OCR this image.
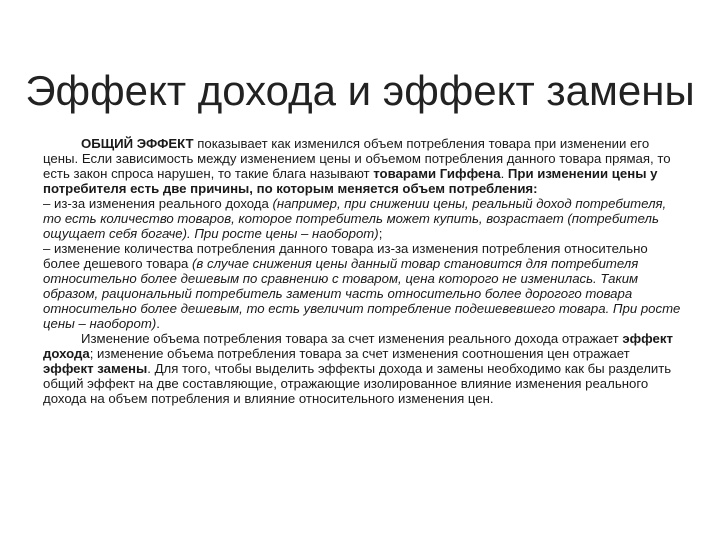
Эффект дохода и эффект замены

ОБЩИЙ ЭФФЕКТ показывает как изменился объем потребления товара при изменении его цены. Если зависимость между изменением цены и объемом потребления данного товара прямая, то есть закон спроса нарушен, то такие блага называют товарами Гиффена. При изменении цены у потребителя есть две причины, по которым меняется объем потребления:

– из-за изменения реального дохода (например, при снижении цены, реальный доход потребителя, то есть количество товаров, которое потребитель может купить, возрастает (потребитель ощущает себя богаче). При росте цены – наоборот);

– изменение количества потребления данного товара из-за изменения потребления относительно более дешевого товара (в случае снижения цены данный товар становится для потребителя относительно более дешевым по сравнению с товаром, цена которого не изменилась. Таким образом, рациональный потребитель заменит часть относительно более дорогого товара относительно более дешевым, то есть увеличит потребление подешевевшего товара. При росте цены – наоборот).

Изменение объема потребления товара за счет изменения реального дохода отражает эффект дохода; изменение объема потребления товара за счет изменения соотношения цен отражает эффект замены. Для того, чтобы выделить эффекты дохода и замены необходимо как бы разделить общий эффект на две составляющие, отражающие изолированное влияние изменения реального дохода на объем потребления и влияние относительного изменения цен.
